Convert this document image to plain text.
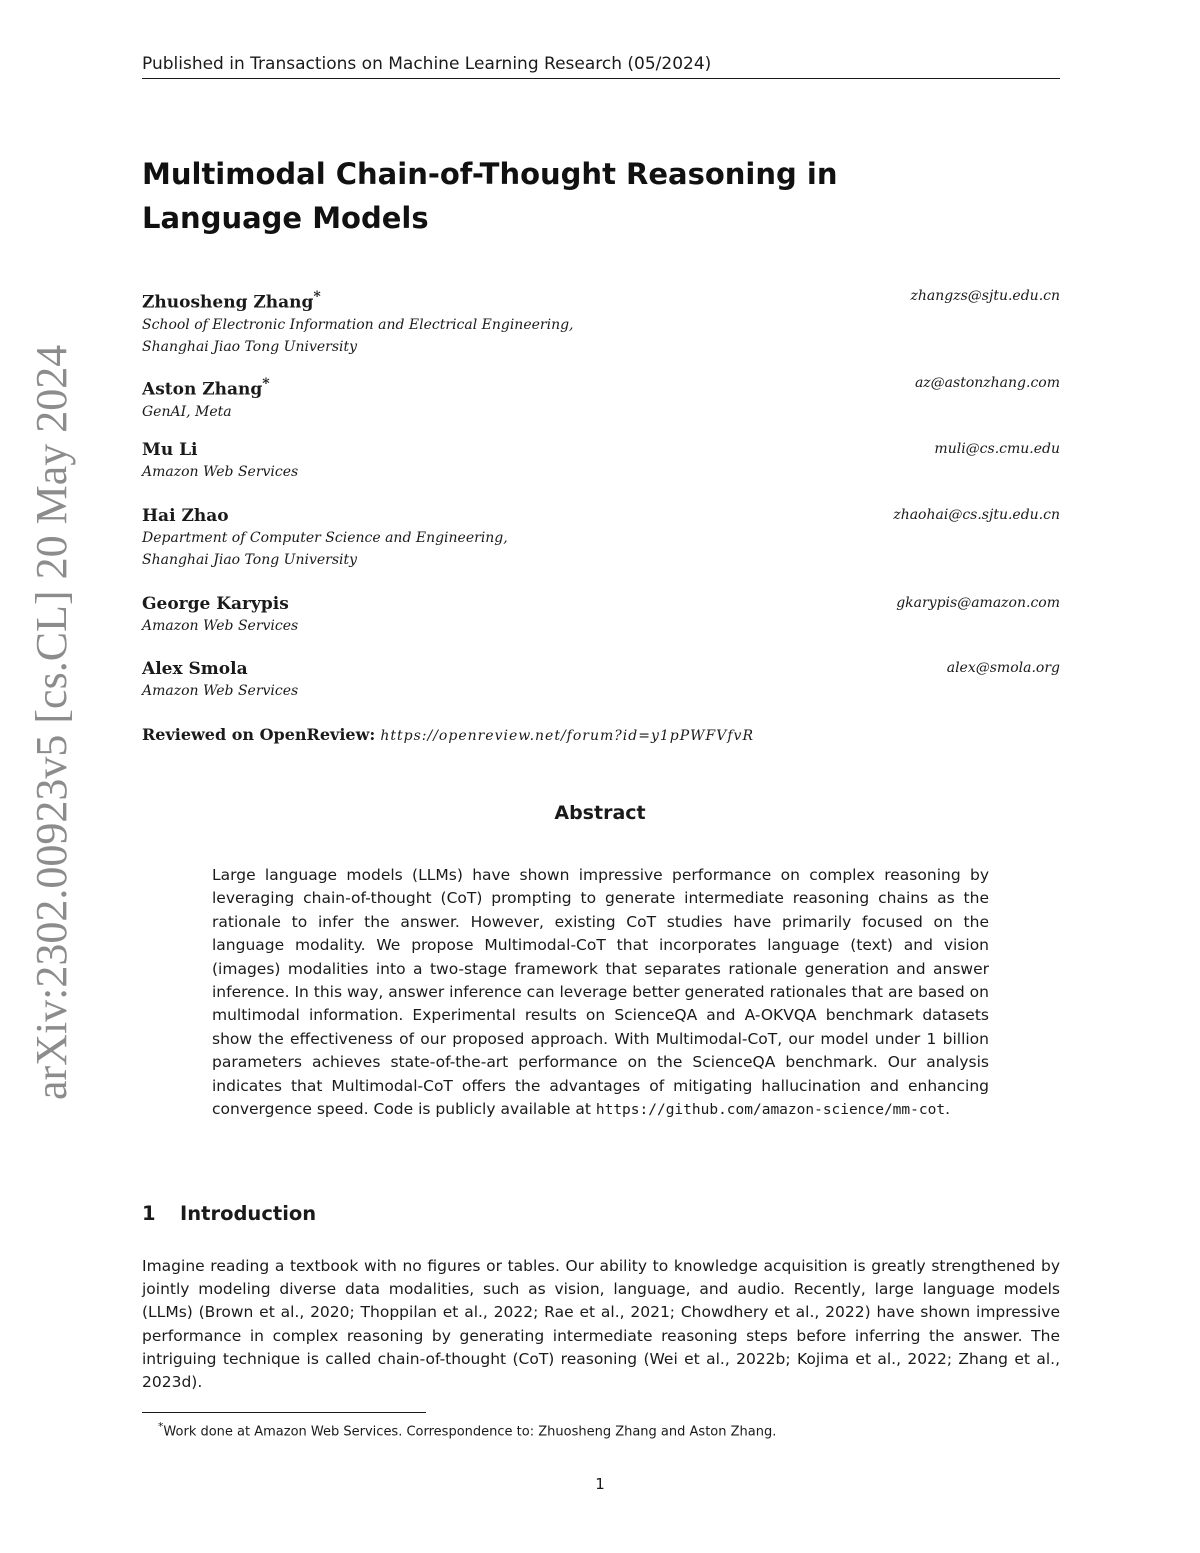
arXiv:2302.00923v5 [cs.CL] 20 May 2024
Published in Transactions on Machine Learning Research (05/2024)
Multimodal Chain-of-Thought Reasoning in Language Models
Zhuosheng Zhang*	zhangzs@sjtu.edu.cn
School of Electronic Information and Electrical Engineering,
Shanghai Jiao Tong University
Aston Zhang*	az@astonzhang.com
GenAI, Meta
Mu Li	muli@cs.cmu.edu
Amazon Web Services
Hai Zhao	zhaohai@cs.sjtu.edu.cn
Department of Computer Science and Engineering,
Shanghai Jiao Tong University
George Karypis	gkarypis@amazon.com
Amazon Web Services
Alex Smola	alex@smola.org
Amazon Web Services
Reviewed on OpenReview: https://openreview.net/forum?id=y1pPWFVfvR
Abstract
Large language models (LLMs) have shown impressive performance on complex reasoning by leveraging chain-of-thought (CoT) prompting to generate intermediate reasoning chains as the rationale to infer the answer. However, existing CoT studies have primarily focused on the language modality. We propose Multimodal-CoT that incorporates language (text) and vision (images) modalities into a two-stage framework that separates rationale generation and answer inference. In this way, answer inference can leverage better generated rationales that are based on multimodal information. Experimental results on ScienceQA and A-OKVQA benchmark datasets show the effectiveness of our proposed approach. With Multimodal-CoT, our model under 1 billion parameters achieves state-of-the-art performance on the ScienceQA benchmark. Our analysis indicates that Multimodal-CoT offers the advantages of mitigating hallucination and enhancing convergence speed. Code is publicly available at https://github.com/amazon-science/mm-cot.
1 Introduction
Imagine reading a textbook with no figures or tables. Our ability to knowledge acquisition is greatly strengthened by jointly modeling diverse data modalities, such as vision, language, and audio. Recently, large language models (LLMs) (Brown et al., 2020; Thoppilan et al., 2022; Rae et al., 2021; Chowdhery et al., 2022) have shown impressive performance in complex reasoning by generating intermediate reasoning steps before inferring the answer. The intriguing technique is called chain-of-thought (CoT) reasoning (Wei et al., 2022b; Kojima et al., 2022; Zhang et al., 2023d).
*Work done at Amazon Web Services. Correspondence to: Zhuosheng Zhang and Aston Zhang.
1
